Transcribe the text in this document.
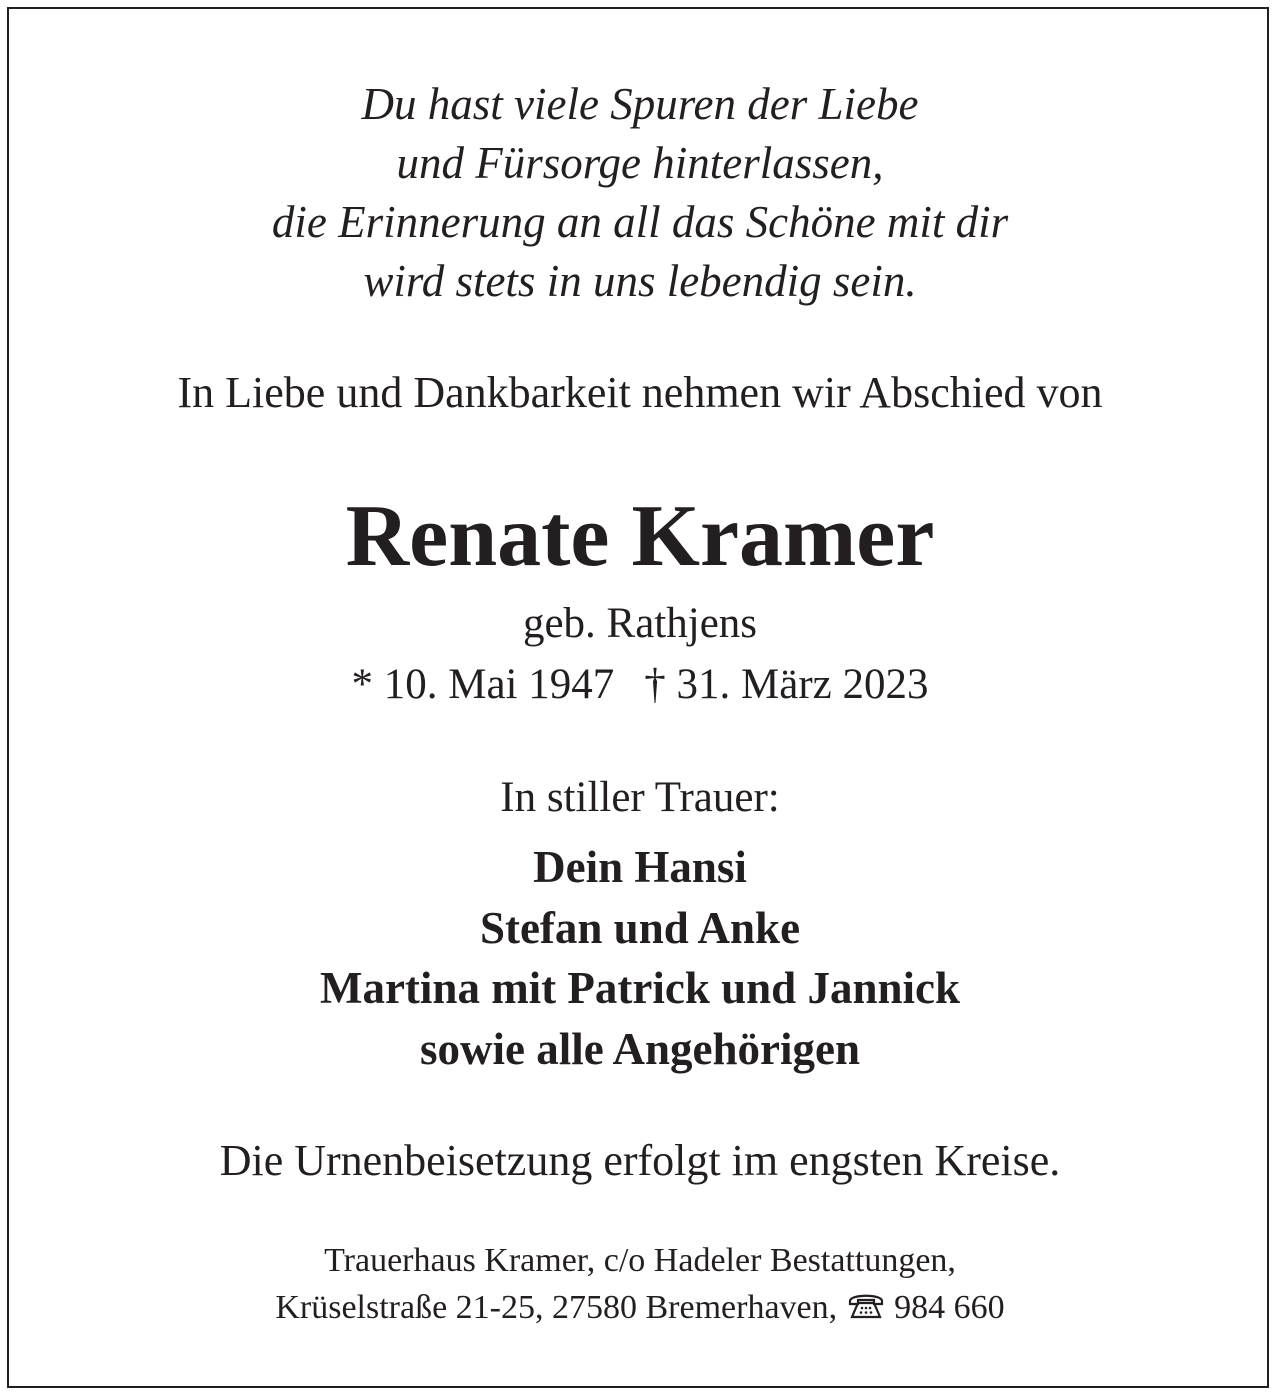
Du hast viele Spuren der Liebe
und Fürsorge hinterlassen,
die Erinnerung an all das Schöne mit dir
wird stets in uns lebendig sein.
In Liebe und Dankbarkeit nehmen wir Abschied von
Renate Kramer
geb. Rathjens
* 10. Mai 1947 † 31. März 2023
In stiller Trauer:
Dein Hansi
Stefan und Anke
Martina mit Patrick und Jannick
sowie alle Angehörigen
Die Urnenbeisetzung erfolgt im engsten Kreise.
Trauerhaus Kramer, c/o Hadeler Bestattungen,
Krüselstraße 21-25, 27580 Bremerhaven, 984 660
